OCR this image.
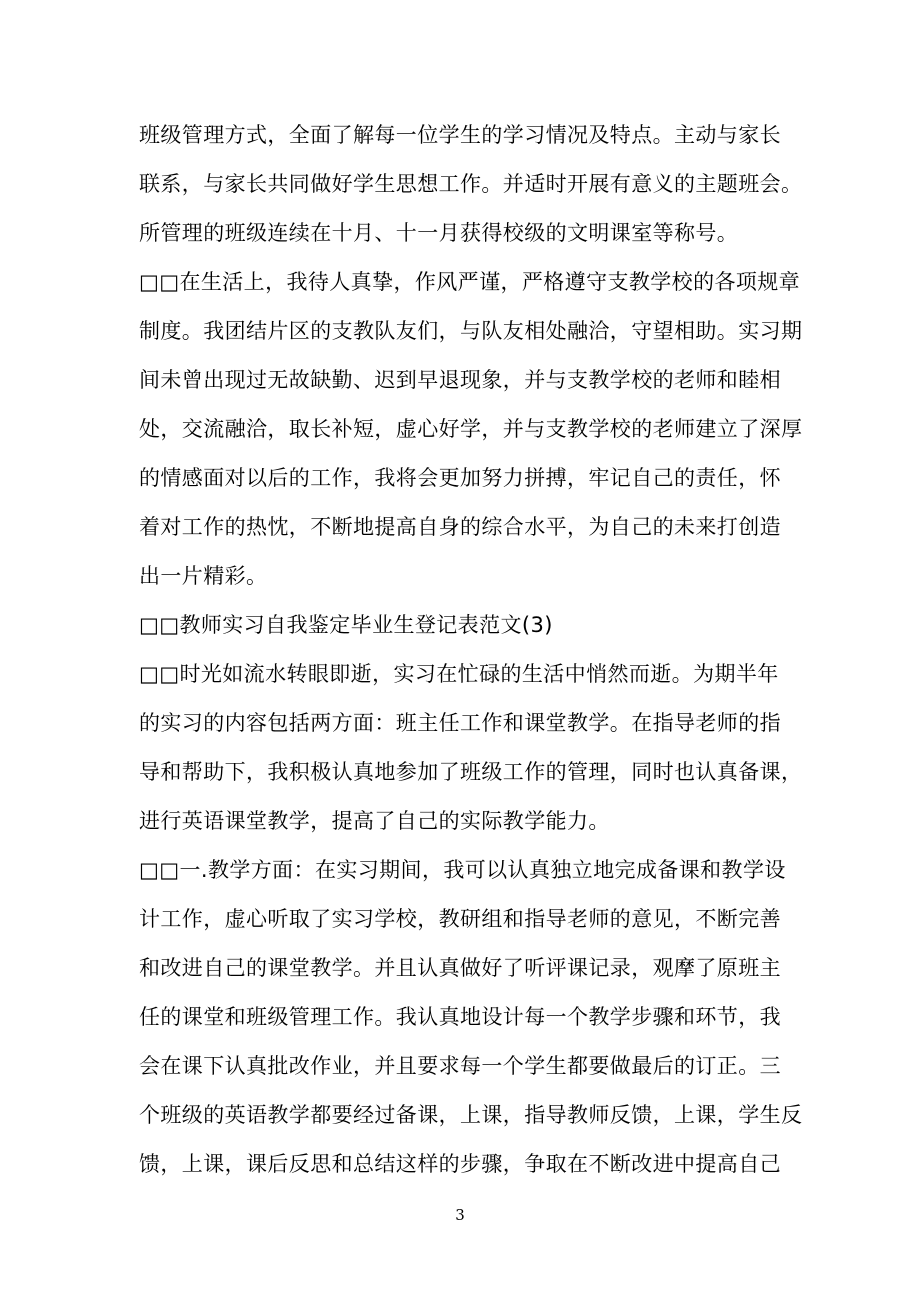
班级管理方式，全面了解每一位学生的学习情况及特点。主动与家长
联系，与家长共同做好学生思想工作。并适时开展有意义的主题班会。
所管理的班级连续在十月、十一月获得校级的文明课室等称号。
□□在生活上，我待人真挚，作风严谨，严格遵守支教学校的各项规章
制度。我团结片区的支教队友们，与队友相处融洽，守望相助。实习期
间未曾出现过无故缺勤、迟到早退现象，并与支教学校的老师和睦相
处，交流融洽，取长补短，虚心好学，并与支教学校的老师建立了深厚
的情感面对以后的工作，我将会更加努力拼搏，牢记自己的责任，怀
着对工作的热忱，不断地提高自身的综合水平，为自己的未来打创造
出一片精彩。
□□教师实习自我鉴定毕业生登记表范文(3)
□□时光如流水转眼即逝，实习在忙碌的生活中悄然而逝。为期半年
的实习的内容包括两方面：班主任工作和课堂教学。在指导老师的指
导和帮助下，我积极认真地参加了班级工作的管理，同时也认真备课，
进行英语课堂教学，提高了自己的实际教学能力。
□□一.教学方面：在实习期间，我可以认真独立地完成备课和教学设
计工作，虚心听取了实习学校，教研组和指导老师的意见，不断完善
和改进自己的课堂教学。并且认真做好了听评课记录，观摩了原班主
任的课堂和班级管理工作。我认真地设计每一个教学步骤和环节，我
会在课下认真批改作业，并且要求每一个学生都要做最后的订正。三
个班级的英语教学都要经过备课，上课，指导教师反馈，上课，学生反
馈，上课，课后反思和总结这样的步骤，争取在不断改进中提高自己
3
